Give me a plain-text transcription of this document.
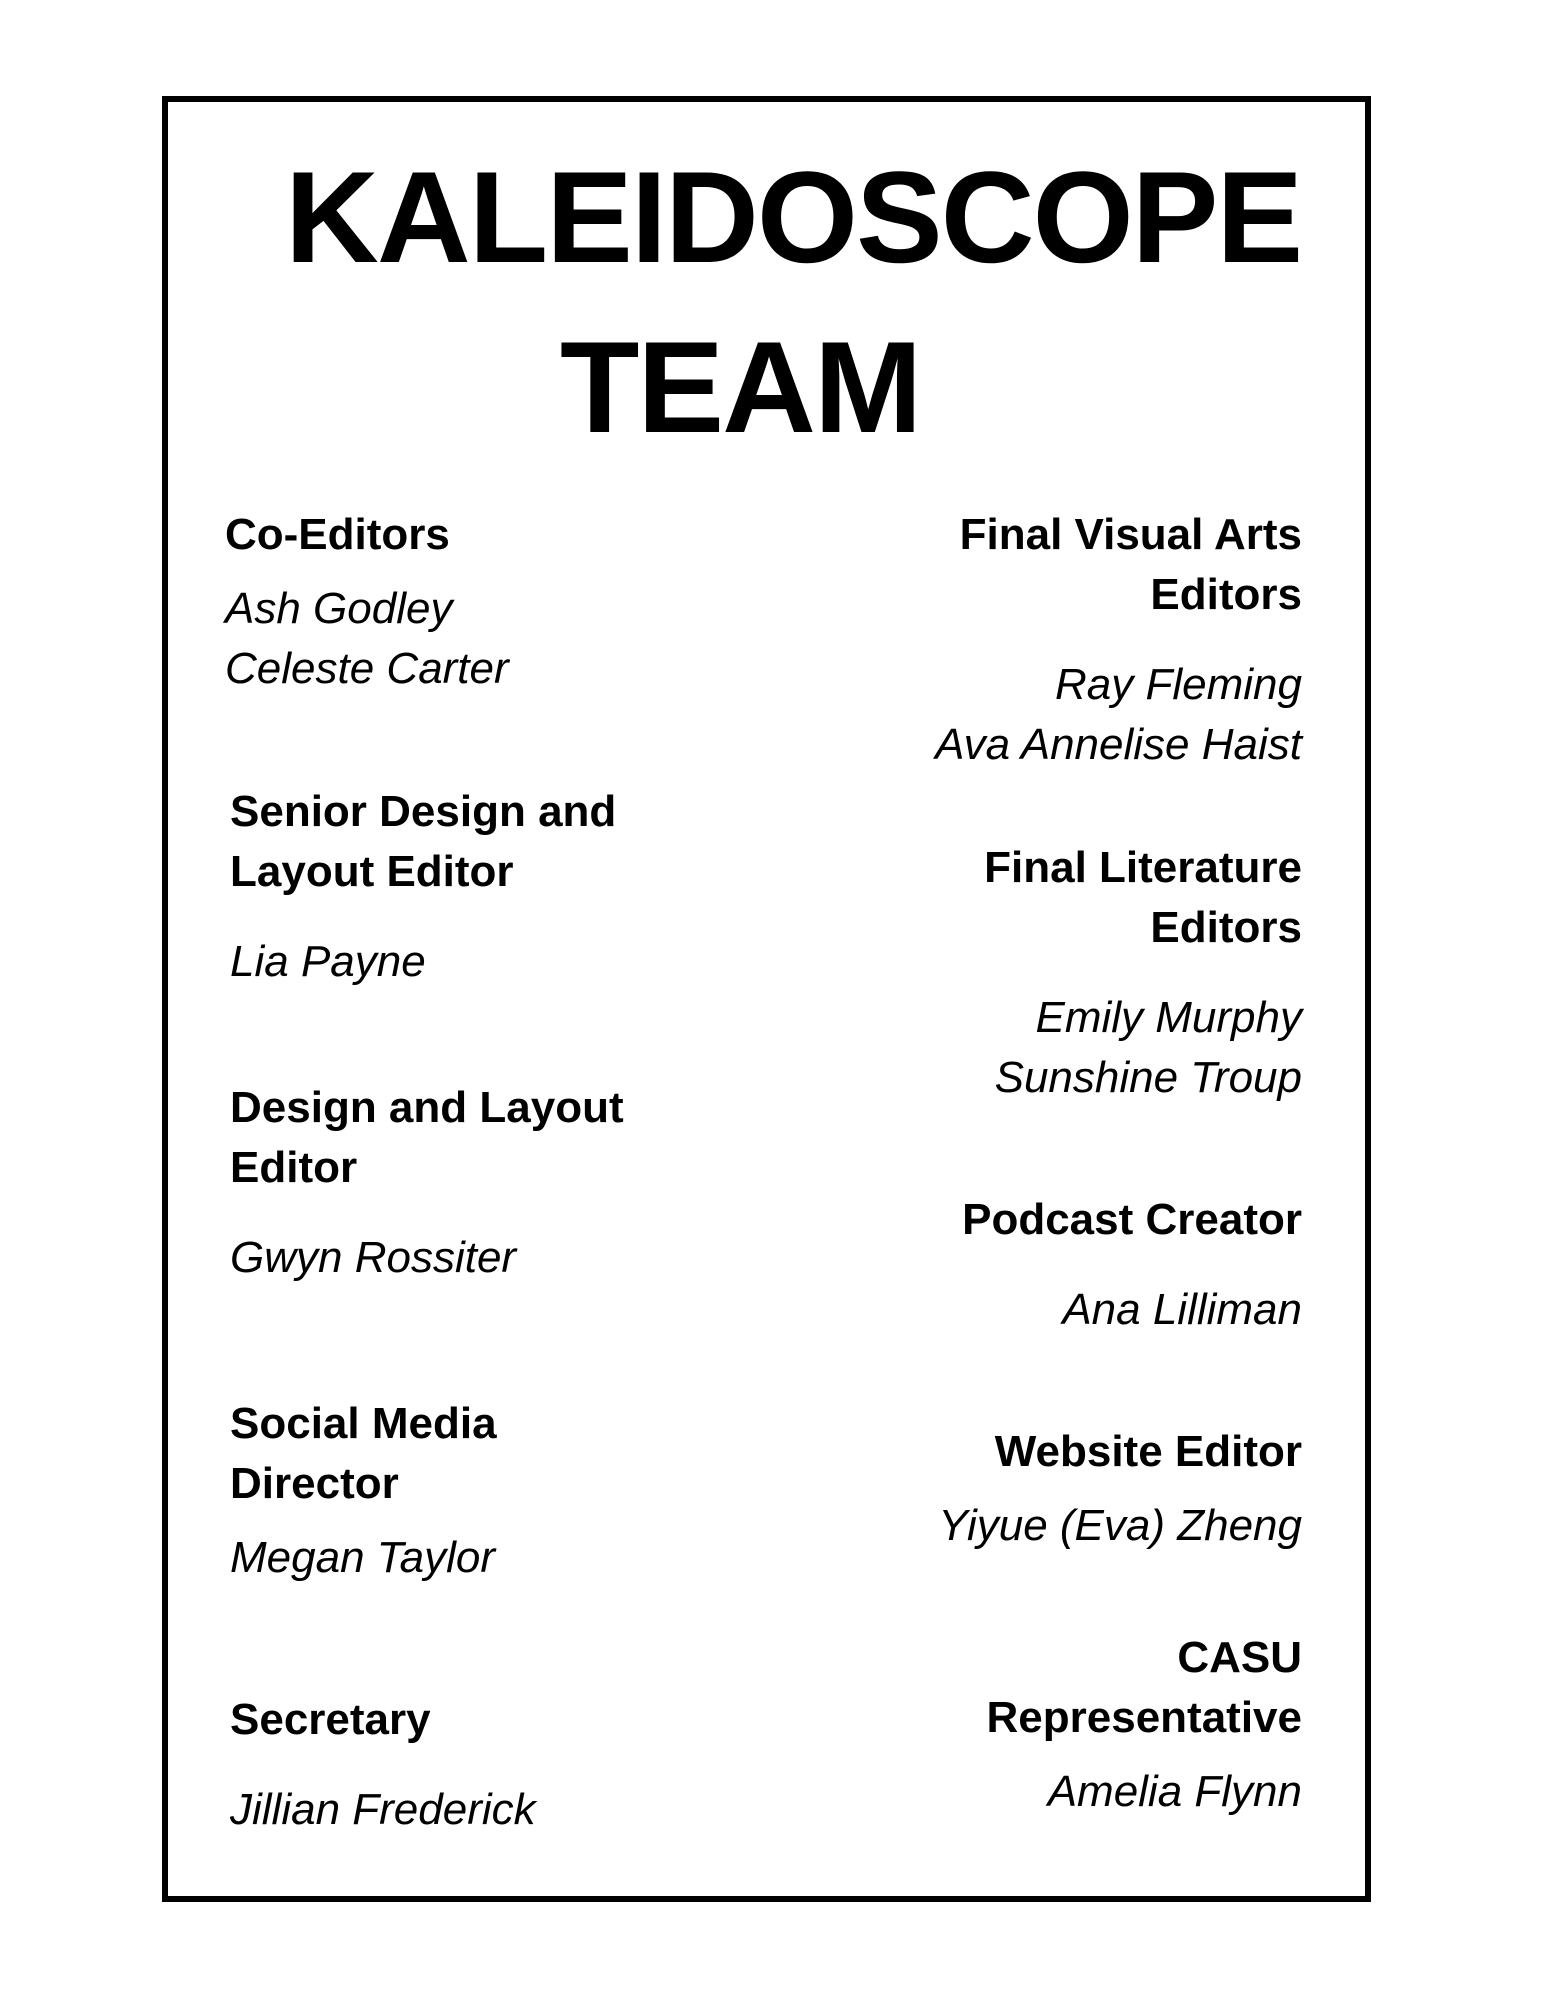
KALEIDOSCOPE
TEAM
Co-Editors
Ash Godley
Celeste Carter
Senior Design and
Layout Editor
Lia Payne
Design and Layout
Editor
Gwyn Rossiter
Social Media
Director
Megan Taylor
Secretary
Jillian Frederick
Final Visual Arts
Editors
Ray Fleming
Ava Annelise Haist
Final Literature
Editors
Emily Murphy
Sunshine Troup
Podcast Creator
Ana Lilliman
Website Editor
Yiyue (Eva) Zheng
CASU
Representative
Amelia Flynn
